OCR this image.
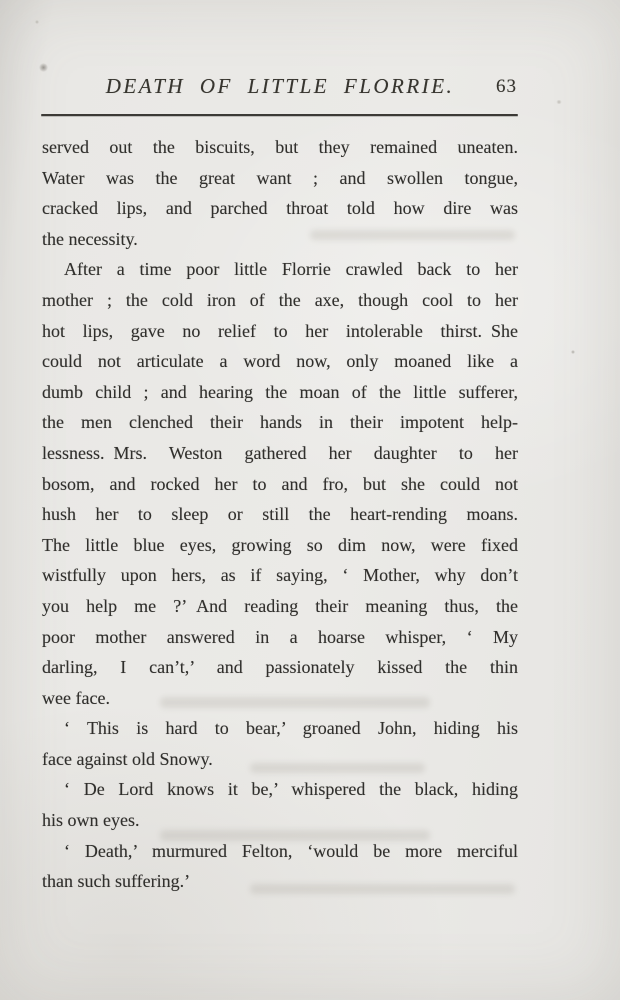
DEATH OF LITTLE FLORRIE.	63
served out the biscuits, but they remained uneaten.
Water was the great want ; and swollen tongue,
cracked lips, and parched throat told how dire was
the necessity.
After a time poor little Florrie crawled back to her
mother ; the cold iron of the axe, though cool to her
hot lips, gave no relief to her intolerable thirst. She
could not articulate a word now, only moaned like a
dumb child ; and hearing the moan of the little sufferer,
the men clenched their hands in their impotent help-
lessness. Mrs. Weston gathered her daughter to her
bosom, and rocked her to and fro, but she could not
hush her to sleep or still the heart-rending moans.
The little blue eyes, growing so dim now, were fixed
wistfully upon hers, as if saying, ‘ Mother, why don’t
you help me ?’ And reading their meaning thus, the
poor mother answered in a hoarse whisper, ‘ My
darling, I can’t,’ and passionately kissed the thin
wee face.
‘ This is hard to bear,’ groaned John, hiding his
face against old Snowy.
‘ De Lord knows it be,’ whispered the black, hiding
his own eyes.
‘ Death,’ murmured Felton, ‘would be more merciful
than such suffering.’
